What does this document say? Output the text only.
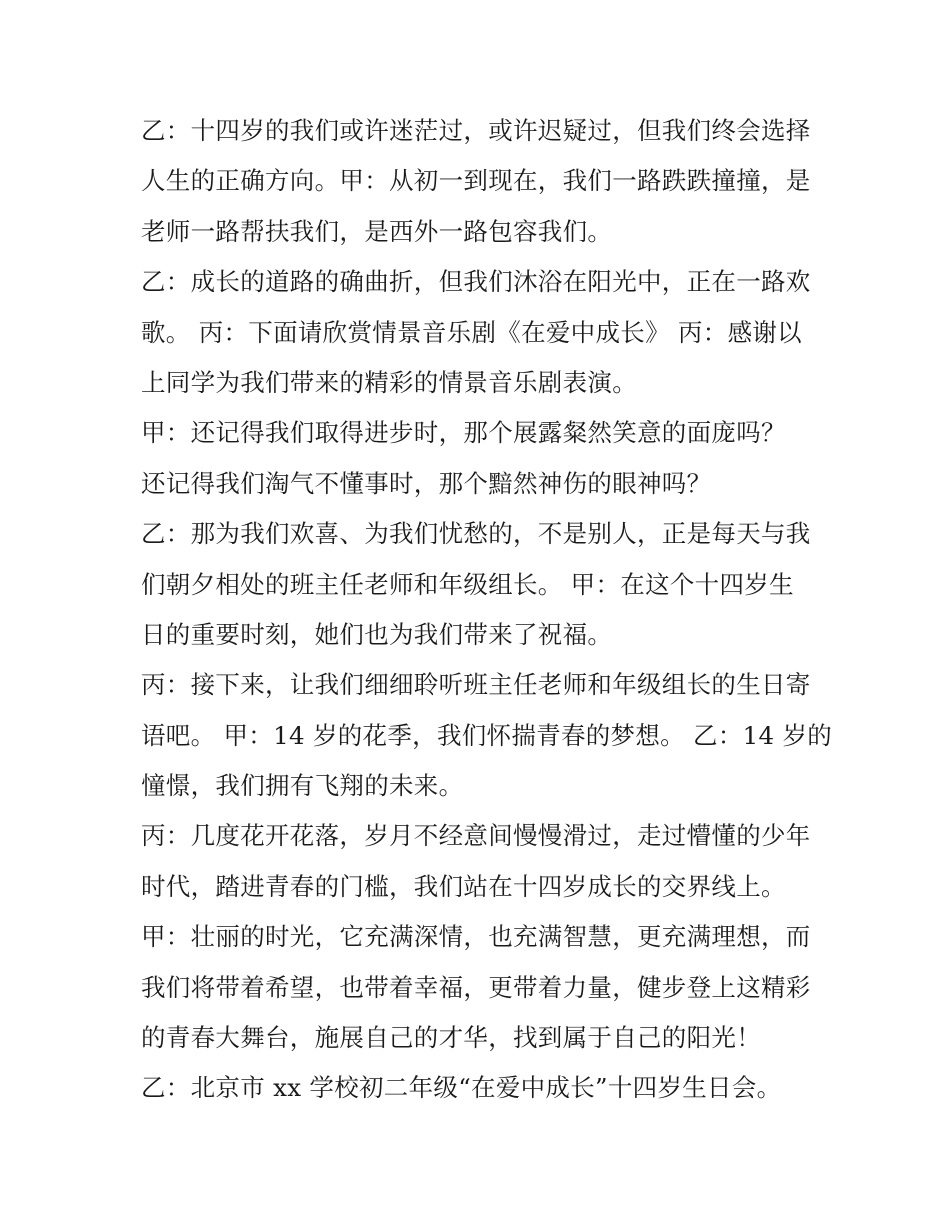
乙：十四岁的我们或许迷茫过，或许迟疑过，但我们终会选择
人生的正确方向。甲：从初一到现在，我们一路跌跌撞撞，是
老师一路帮扶我们，是西外一路包容我们。
乙：成长的道路的确曲折，但我们沐浴在阳光中，正在一路欢
歌。 丙：下面请欣赏情景音乐剧《在爱中成长》 丙：感谢以
上同学为我们带来的精彩的情景音乐剧表演。
甲：还记得我们取得进步时，那个展露粲然笑意的面庞吗？
还记得我们淘气不懂事时，那个黯然神伤的眼神吗？
乙：那为我们欢喜、为我们忧愁的，不是别人，正是每天与我
们朝夕相处的班主任老师和年级组长。 甲：在这个十四岁生
日的重要时刻，她们也为我们带来了祝福。
丙：接下来，让我们细细聆听班主任老师和年级组长的生日寄
语吧。 甲：14 岁的花季，我们怀揣青春的梦想。 乙：14 岁的
憧憬，我们拥有飞翔的未来。
丙：几度花开花落，岁月不经意间慢慢滑过，走过懵懂的少年
时代，踏进青春的门槛，我们站在十四岁成长的交界线上。
甲：壮丽的时光，它充满深情，也充满智慧，更充满理想，而
我们将带着希望，也带着幸福，更带着力量，健步登上这精彩
的青春大舞台，施展自己的才华，找到属于自己的阳光！
乙：北京市 xx 学校初二年级“在爱中成长”十四岁生日会。
